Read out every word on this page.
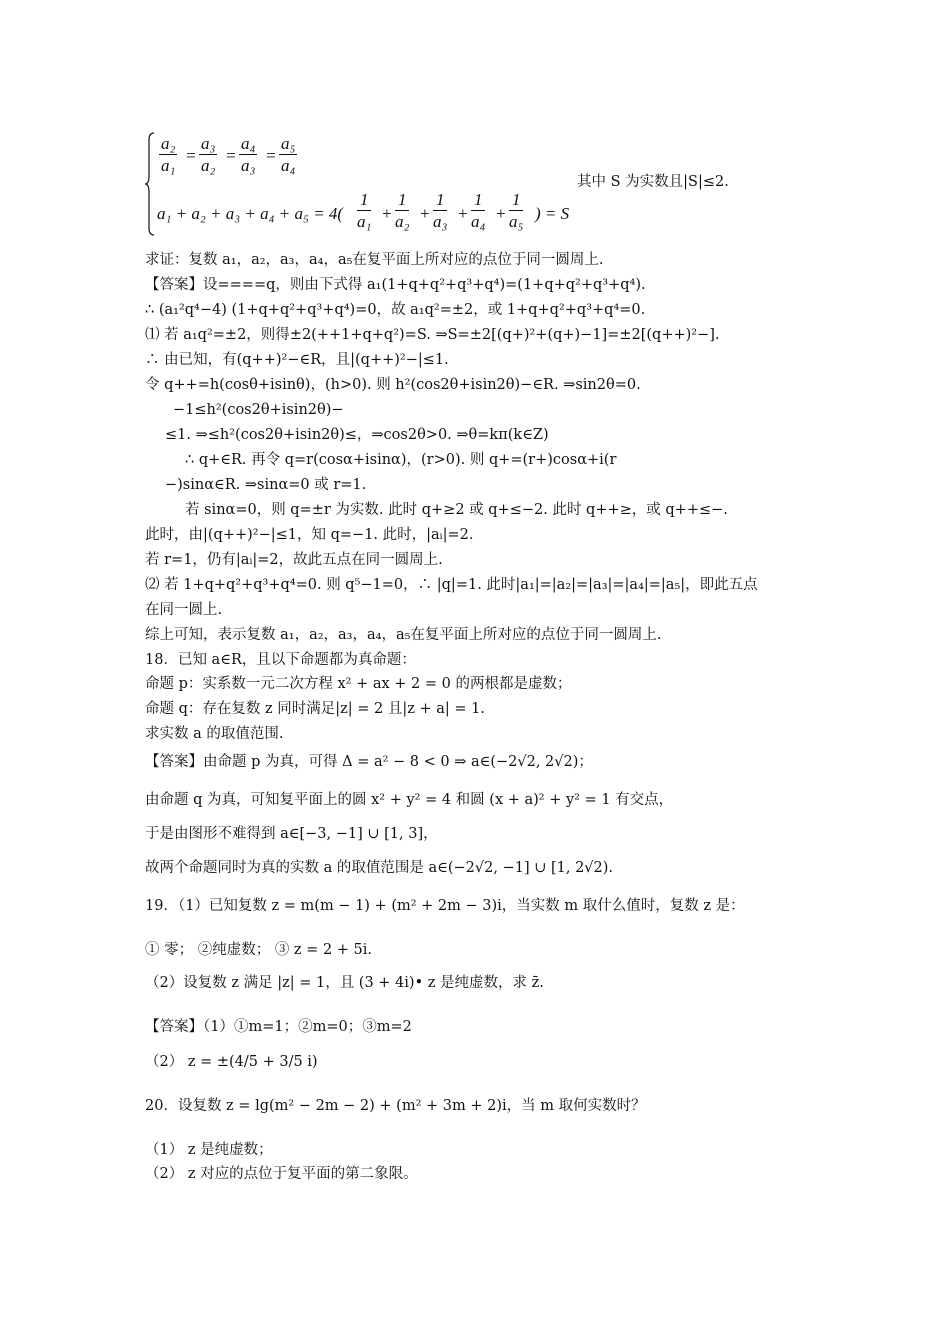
a₂
a₁
=
a₃
a₂
=
a₄
a₃
=
a₅
a₄
a₁ + a₂ + a₃ + a₄ + a₅ = 4(
1
a₁ +
1
a₂ +
1
a₃ +
1
a₄ +
1
a₅ ) = S
其中 S 为实数且|S|≤2.
求证：复数 a₁，a₂，a₃，a₄，a₅在复平面上所对应的点位于同一圆周上.
【答案】设====q，则由下式得 a₁(1+q+q²+q³+q⁴)=(1+q+q²+q³+q⁴).
∴ (a₁²q⁴−4) (1+q+q²+q³+q⁴)=0，故 a₁q²=±2，或 1+q+q²+q³+q⁴=0.
⑴ 若 a₁q²=±2，则得±2(++1+q+q²)=S. ⇒S=±2[(q+)²+(q+)−1]=±2[(q++)²−].
∴ 由已知，有(q++)²−∈R，且|(q++)²−|≤1.
令 q++=h(cosθ+isinθ)，(h>0). 则 h²(cos2θ+isin2θ)−∈R. ⇒sin2θ=0.
−1≤h²(cos2θ+isin2θ)−
≤1. ⇒≤h²(cos2θ+isin2θ)≤，⇒cos2θ>0. ⇒θ=kπ(k∈Z)
∴ q+∈R. 再令 q=r(cosα+isinα)，(r>0). 则 q+=(r+)cosα+i(r
−)sinα∈R. ⇒sinα=0 或 r=1.
若 sinα=0，则 q=±r 为实数. 此时 q+≥2 或 q+≤−2. 此时 q++≥，或 q++≤−.
此时，由|(q++)²−|≤1，知 q=−1. 此时，|aᵢ|=2.
若 r=1，仍有|aᵢ|=2，故此五点在同一圆周上.
⑵ 若 1+q+q²+q³+q⁴=0. 则 q⁵−1=0，∴ |q|=1. 此时|a₁|=|a₂|=|a₃|=|a₄|=|a₅|，即此五点
在同一圆上.
综上可知，表示复数 a₁，a₂，a₃，a₄，a₅在复平面上所对应的点位于同一圆周上.
18．已知 a∈R，且以下命题都为真命题：
命题 p：实系数一元二次方程 x² + ax + 2 = 0 的两根都是虚数；
命题 q：存在复数 z 同时满足|z| = 2 且|z + a| = 1.
求实数 a 的取值范围.
【答案】由命题 p 为真，可得 Δ = a² − 8 < 0 ⇒ a∈(−2√2, 2√2)；
由命题 q 为真，可知复平面上的圆 x² + y² = 4 和圆 (x + a)² + y² = 1 有交点，
于是由图形不难得到 a∈[−3, −1] ∪ [1, 3]，
故两个命题同时为真的实数 a 的取值范围是 a∈(−2√2, −1] ∪ [1, 2√2).
19．（1）已知复数 z = m(m − 1) + (m² + 2m − 3)i，当实数 m 取什么值时，复数 z 是：
① 零； ②纯虚数； ③ z = 2 + 5i.
（2）设复数 z 满足 |z| = 1，且 (3 + 4i)• z 是纯虚数，求 z̄.
【答案】（1）①m=1；②m=0；③m=2
（2） z = ±(4/5 + 3/5 i)
20．设复数 z = lg(m² − 2m − 2) + (m² + 3m + 2)i，当 m 取何实数时？
（1） z 是纯虚数；
（2） z 对应的点位于复平面的第二象限。
